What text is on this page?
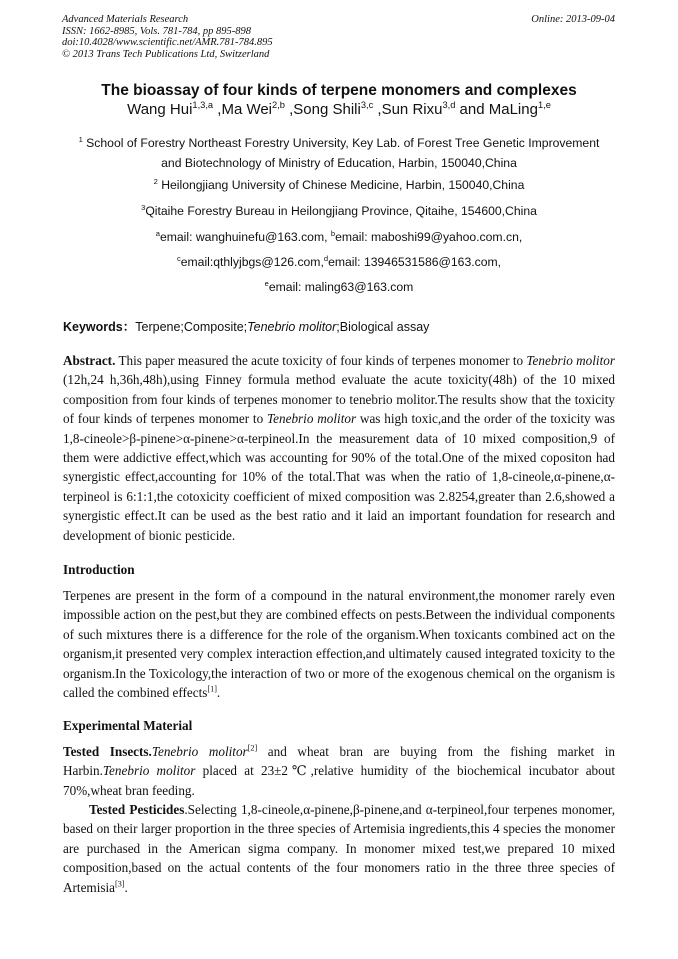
Advanced Materials Research
ISSN: 1662-8985, Vols. 781-784, pp 895-898
doi:10.4028/www.scientific.net/AMR.781-784.895
© 2013 Trans Tech Publications Ltd, Switzerland
Online: 2013-09-04
The bioassay of four kinds of terpene monomers and complexes
Wang Hui$^{1,3,a}$ ,Ma Wei$^{2,b}$ ,Song Shili$^{3,c}$ ,Sun Rixu$^{3,d}$ and MaLing$^{1,e}$
$^1$ School of Forestry Northeast Forestry University, Key Lab. of Forest Tree Genetic Improvement
and Biotechnology of Ministry of Education, Harbin, 150040,China
$^2$ Heilongjiang University of Chinese Medicine, Harbin, 150040,China
$^3$Qitaihe Forestry Bureau in Heilongjiang Province, Qitaihe, 154600,China
$^a$email: wanghuinefu@163.com, $^b$email: maboshi99@yahoo.com.cn,
$^c$email:qthlyjbgs@126.com,$^d$email: 13946531586@163.com,
$^e$email: maling63@163.com
Keywords：Terpene;Composite;Tenebrio molitor;Biological assay
Abstract. This paper measured the acute toxicity of four kinds of terpenes monomer to Tenebrio molitor (12h,24 h,36h,48h),using Finney formula method evaluate the acute toxicity(48h) of the 10 mixed composition from four kinds of terpenes monomer to tenebrio molitor.The results show that the toxicity of four kinds of terpenes monomer to Tenebrio molitor was high toxic,and the order of the toxicity was 1,8-cineole>β-pinene>α-pinene>α-terpineol.In the measurement data of 10 mixed composition,9 of them were addictive effect,which was accounting for 90% of the total.One of the mixed copositon had synergistic effect,accounting for 10% of the total.That was when the ratio of 1,8-cineole,α-pinene,α-terpineol is 6:1:1,the cotoxicity coefficient of mixed composition was 2.8254,greater than 2.6,showed a synergistic effect.It can be used as the best ratio and it laid an important foundation for research and development of bionic pesticide.
Introduction
Terpenes are present in the form of a compound in the natural environment,the monomer rarely even impossible action on the pest,but they are combined effects on pests.Between the individual components of such mixtures there is a difference for the role of the organism.When toxicants combined act on the organism,it presented very complex interaction effection,and ultimately caused integrated toxicity to the organism.In the Toxicology,the interaction of two or more of the exogenous chemical on the organism is called the combined effects[1].
Experimental Material
Tested Insects.Tenebrio molitor[2] and wheat bran are buying from the fishing market in Harbin.Tenebrio molitor placed at 23±2℃,relative humidity of the biochemical incubator about 70%,wheat bran feeding.
Tested Pesticides.Selecting 1,8-cineole,α-pinene,β-pinene,and α-terpineol,four terpenes monomer, based on their larger proportion in the three species of Artemisia ingredients,this 4 species the monomer are purchased in the American sigma company. In monomer mixed test,we prepared 10 mixed composition,based on the actual contents of the four monomers ratio in the three three species of Artemisia[3].
